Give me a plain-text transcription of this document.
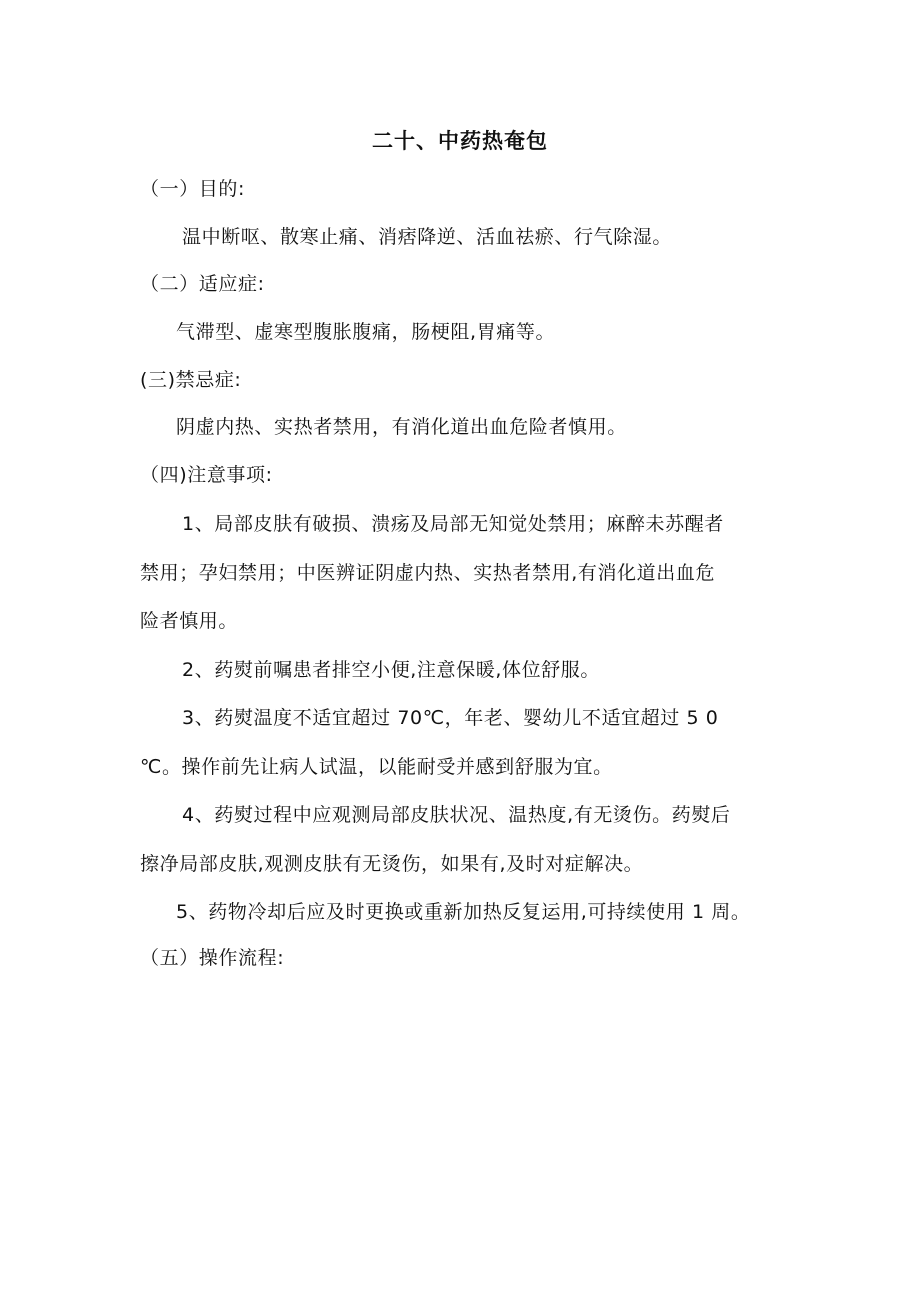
二十、中药热奄包
（一）目的:
温中断呕、散寒止痛、消痞降逆、活血祛瘀、行气除湿。
（二）适应症:
气滞型、虚寒型腹胀腹痛，肠梗阻,胃痛等。
(三)禁忌症:
阴虚内热、实热者禁用，有消化道出血危险者慎用。
（四)注意事项:
1、局部皮肤有破损、溃疡及局部无知觉处禁用；麻醉未苏醒者
禁用；孕妇禁用；中医辨证阴虚内热、实热者禁用,有消化道出血危
险者慎用。
2、药熨前嘱患者排空小便,注意保暖,体位舒服。
3、药熨温度不适宜超过 70℃，年老、婴幼儿不适宜超过 5 0
℃。操作前先让病人试温，以能耐受并感到舒服为宜。
4、药熨过程中应观测局部皮肤状况、温热度,有无烫伤。药熨后
擦净局部皮肤,观测皮肤有无烫伤，如果有,及时对症解决。
5、药物冷却后应及时更换或重新加热反复运用,可持续使用 1 周。
（五）操作流程:
